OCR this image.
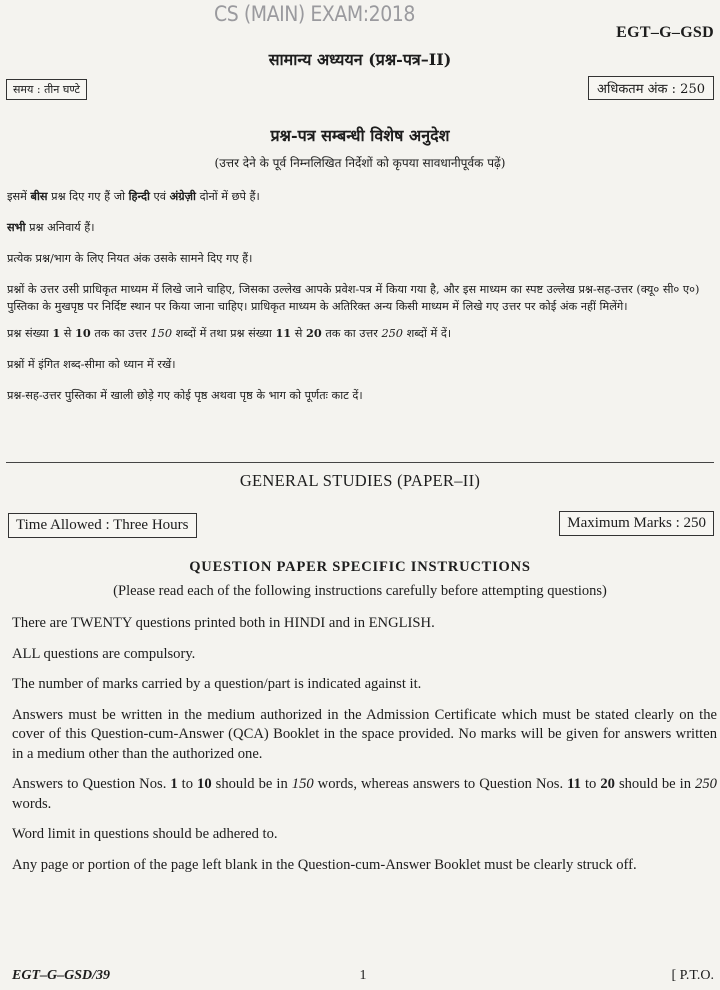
CS (MAIN) EXAM:2018
EGT–G–GSD
सामान्य अध्ययन (प्रश्न-पत्र–II)
समय : तीन घण्टे	अधिकतम अंक : 250
प्रश्न-पत्र सम्बन्धी विशेष अनुदेश
(उत्तर देने के पूर्व निम्नलिखित निर्देशों को कृपया सावधानीपूर्वक पढ़ें)

इसमें बीस प्रश्न दिए गए हैं जो हिन्दी एवं अंग्रेज़ी दोनों में छपे हैं।

सभी प्रश्न अनिवार्य हैं।

प्रत्येक प्रश्न/भाग के लिए नियत अंक उसके सामने दिए गए हैं।

प्रश्नों के उत्तर उसी प्राधिकृत माध्यम में लिखे जाने चाहिए, जिसका उल्लेख आपके प्रवेश-पत्र में किया गया है, और इस माध्यम का स्पष्ट उल्लेख प्रश्न-सह-उत्तर (क्यू० सी० ए०) पुस्तिका के मुखपृष्ठ पर निर्दिष्ट स्थान पर किया जाना चाहिए। प्राधिकृत माध्यम के अतिरिक्त अन्य किसी माध्यम में लिखे गए उत्तर पर कोई अंक नहीं मिलेंगे।

प्रश्न संख्या 1 से 10 तक का उत्तर 150 शब्दों में तथा प्रश्न संख्या 11 से 20 तक का उत्तर 250 शब्दों में दें।

प्रश्नों में इंगित शब्द-सीमा को ध्यान में रखें।

प्रश्न-सह-उत्तर पुस्तिका में खाली छोड़े गए कोई पृष्ठ अथवा पृष्ठ के भाग को पूर्णतः काट दें।

GENERAL STUDIES (PAPER–II)
Time Allowed : Three Hours	Maximum Marks : 250
QUESTION PAPER SPECIFIC INSTRUCTIONS
(Please read each of the following instructions carefully before attempting questions)

There are TWENTY questions printed both in HINDI and in ENGLISH.

ALL questions are compulsory.

The number of marks carried by a question/part is indicated against it.

Answers must be written in the medium authorized in the Admission Certificate which must be stated clearly on the cover of this Question-cum-Answer (QCA) Booklet in the space provided. No marks will be given for answers written in a medium other than the authorized one.

Answers to Question Nos. 1 to 10 should be in 150 words, whereas answers to Question Nos. 11 to 20 should be in 250 words.

Word limit in questions should be adhered to.

Any page or portion of the page left blank in the Question-cum-Answer Booklet must be clearly struck off.

EGT–G–GSD/39	1	[ P.T.O.
